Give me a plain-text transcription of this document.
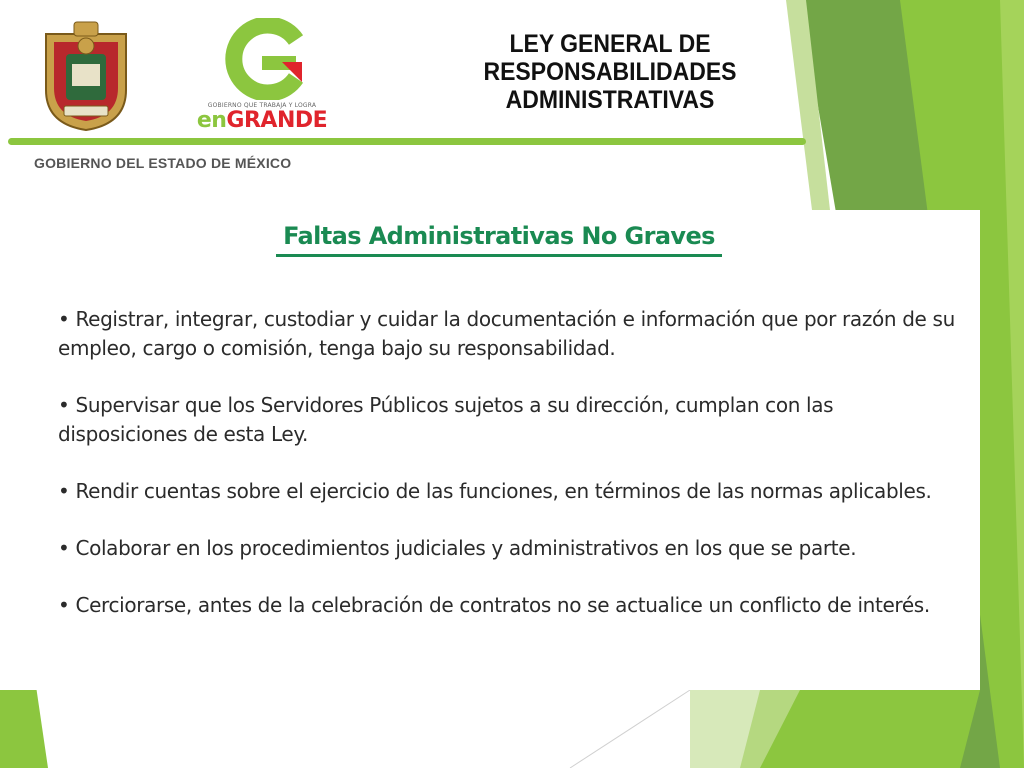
GOBIERNO QUE TRABAJA Y LOGRA
enGRANDE
LEY GENERAL DE
RESPONSABILIDADES
ADMINISTRATIVAS
GOBIERNO DEL ESTADO DE MÉXICO
Faltas Administrativas No Graves
• Registrar, integrar, custodiar y cuidar la documentación e información que por razón de su empleo, cargo o comisión, tenga bajo su responsabilidad.
• Supervisar que los Servidores Públicos sujetos a su dirección, cumplan con las disposiciones de esta Ley.
• Rendir cuentas sobre el ejercicio de las funciones, en términos de las normas aplicables.
• Colaborar en los procedimientos judiciales y administrativos en los que se parte.
• Cerciorarse, antes de la celebración de contratos no se actualice un conflicto de interés.
